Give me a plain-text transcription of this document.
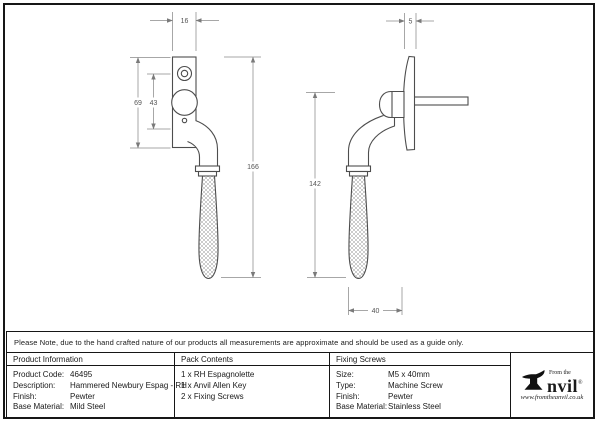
16
69 43
166
5
142
40
Please Note, due to the hand crafted nature of our products all measurements are approximate and should be used as a guide only.
Product Information
Product Code: 46495
Description:	Hammered Newbury Espag - RH
Finish:	Pewter
Base Material: Mild Steel
Pack Contents
1 x RH Espagnolette
1 x Anvil Allen Key
2 x Fixing Screws
Fixing Screws
Size:	M5 x 40mm
Type:	Machine Screw
Finish:	Pewter
Base Material: Stainless Steel
From the
nvil®
www.fromtheanvil.co.uk
